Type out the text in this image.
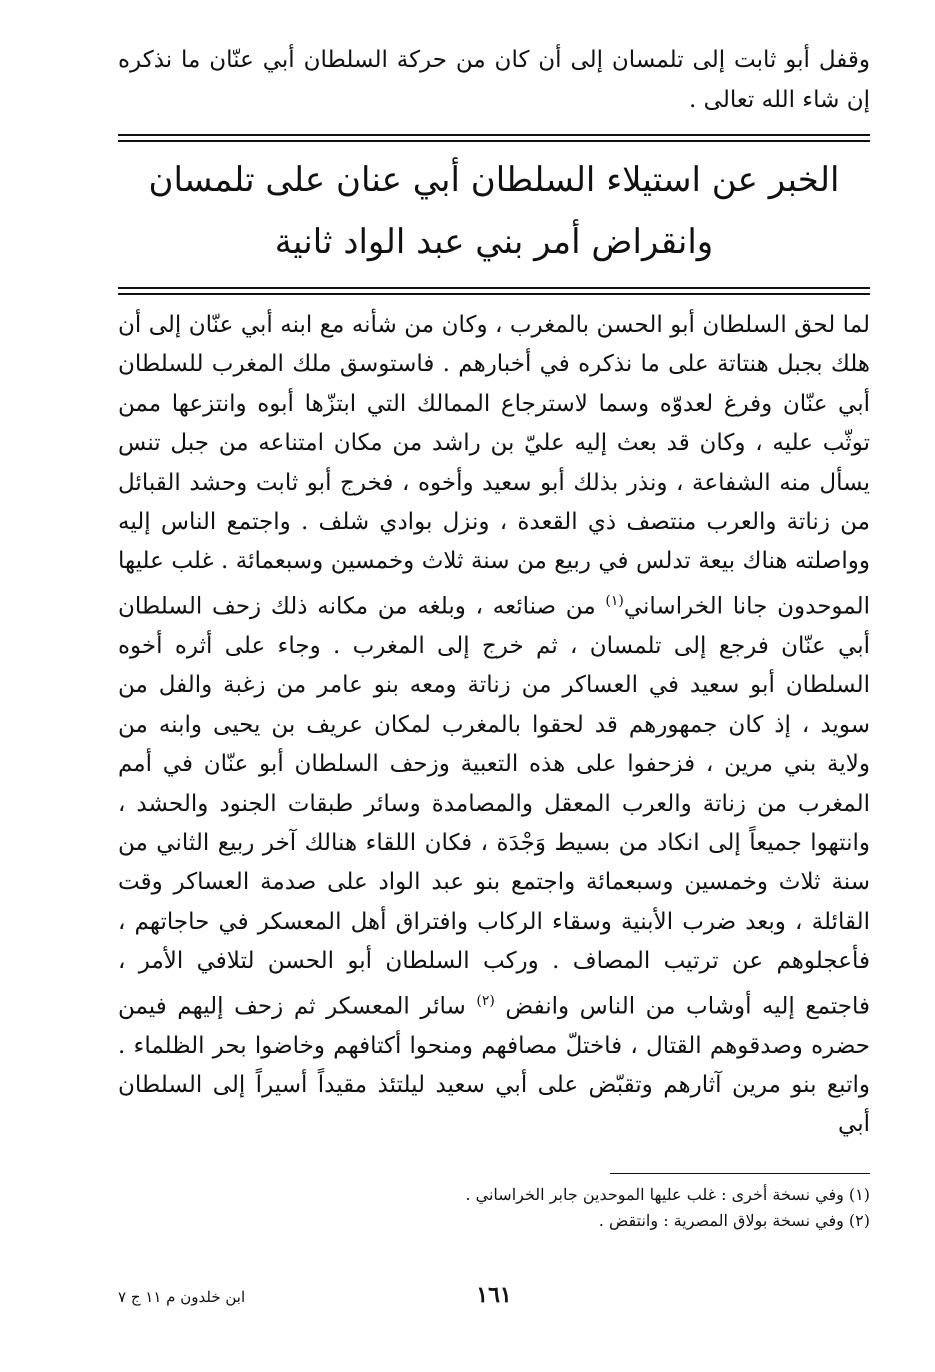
وقفل أبو ثابت إلى تلمسان إلى أن كان من حركة السلطان أبي عنّان ما نذكره إن شاء الله تعالى .

الخبر عن استيلاء السلطان أبي عنان على تلمسان وانقراض أمر بني عبد الواد ثانية

لما لحق السلطان أبو الحسن بالمغرب ، وكان من شأنه مع ابنه أبي عنّان إلى أن هلك بجبل هنتاتة على ما نذكره في أخبارهم . فاستوسق ملك المغرب للسلطان أبي عنّان وفرغ لعدوّه وسما لاسترجاع الممالك التي ابتزّها أبوه وانتزعها ممن توثّب عليه ، وكان قد بعث إليه عليّ بن راشد من مكان امتناعه من جبل تنس يسأل منه الشفاعة ، ونذر بذلك أبو سعيد وأخوه ، فخرج أبو ثابت وحشد القبائل من زناتة والعرب منتصف ذي القعدة ، ونزل بوادي شلف . واجتمع الناس إليه وواصلته هناك بيعة تدلس في ربيع من سنة ثلاث وخمسين وسبعمائة . غلب عليها الموحدون جانا الخراساني$^{(١)}$ من صنائعه ، وبلغه من مكانه ذلك زحف السلطان أبي عنّان فرجع إلى تلمسان ، ثم خرج إلى المغرب . وجاء على أثره أخوه السلطان أبو سعيد في العساكر من زناتة ومعه بنو عامر من زغبة والفل من سويد ، إذ كان جمهورهم قد لحقوا بالمغرب لمكان عريف بن يحيى وابنه من ولاية بني مرين ، فزحفوا على هذه التعبية وزحف السلطان أبو عنّان في أمم المغرب من زناتة والعرب المعقل والمصامدة وسائر طبقات الجنود والحشد ، وانتهوا جميعاً إلى انكاد من بسيط وَجْدَة ، فكان اللقاء هنالك آخر ربيع الثاني من سنة ثلاث وخمسين وسبعمائة واجتمع بنو عبد الواد على صدمة العساكر وقت القائلة ، وبعد ضرب الأبنية وسقاء الركاب وافتراق أهل المعسكر في حاجاتهم ، فأعجلوهم عن ترتيب المصاف . وركب السلطان أبو الحسن لتلافي الأمر ، فاجتمع إليه أوشاب من الناس وانفض $^{(٢)}$ سائر المعسكر ثم زحف إليهم فيمن حضره وصدقوهم القتال ، فاختلّ مصافهم ومنحوا أكتافهم وخاضوا بحر الظلماء . واتبع بنو مرين آثارهم وتقبّض على أبي سعيد ليلتئذ مقيداً أسيراً إلى السلطان أبي

(١) وفي نسخة أخرى : غلب عليها الموحدين جابر الخراساني .

(٢) وفي نسخة بولاق المصرية : وانتقض .

١٦١
ابن خلدون م ١١ ج ٧
